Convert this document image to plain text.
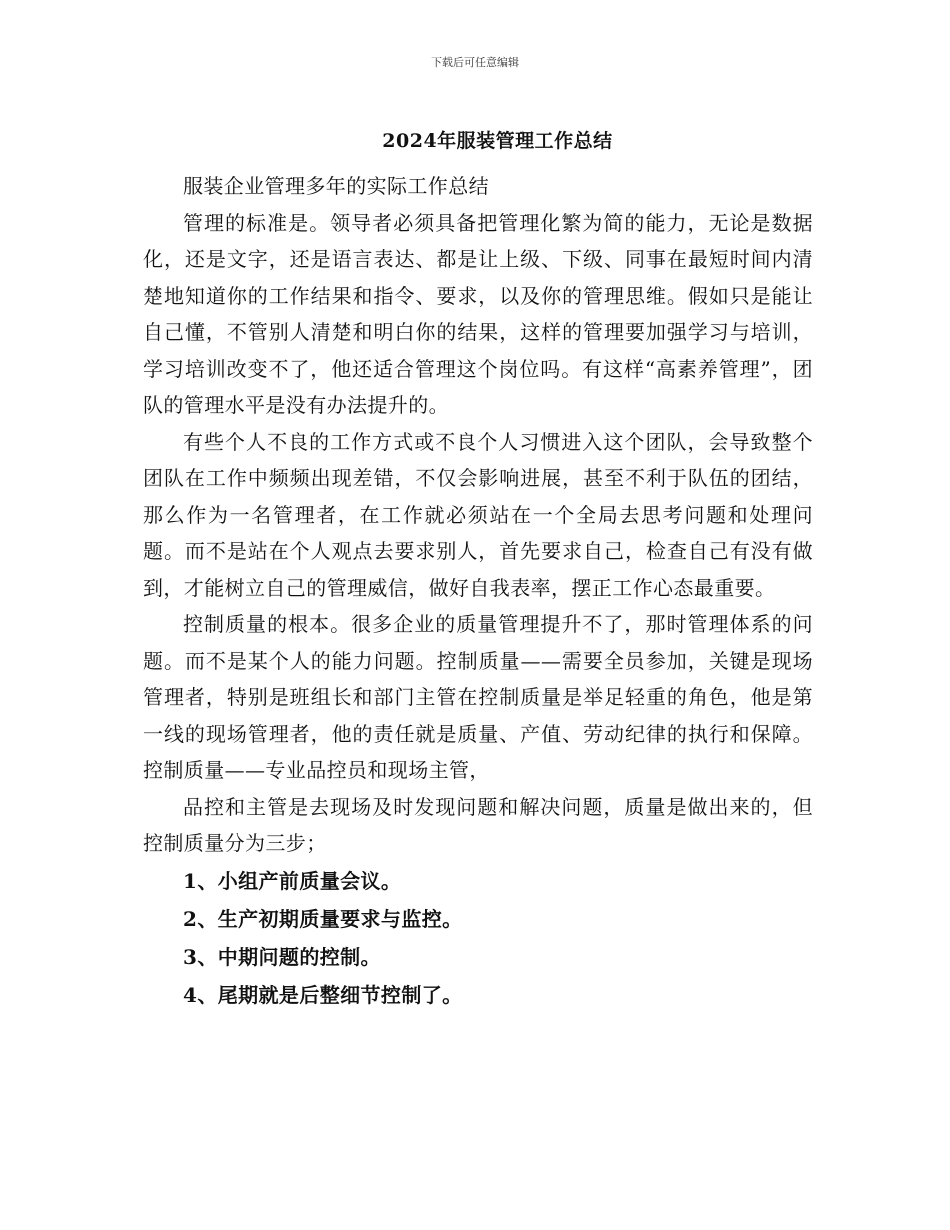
下载后可任意编辑
2024年服装管理工作总结

服装企业管理多年的实际工作总结

管理的标准是。领导者必须具备把管理化繁为简的能力，无论是数据化，还是文字，还是语言表达、都是让上级、下级、同事在最短时间内清楚地知道你的工作结果和指令、要求，以及你的管理思维。假如只是能让自己懂，不管别人清楚和明白你的结果，这样的管理要加强学习与培训，学习培训改变不了，他还适合管理这个岗位吗。有这样“高素养管理”，团队的管理水平是没有办法提升的。

有些个人不良的工作方式或不良个人习惯进入这个团队，会导致整个团队在工作中频频出现差错，不仅会影响进展，甚至不利于队伍的团结，那么作为一名管理者，在工作就必须站在一个全局去思考问题和处理问题。而不是站在个人观点去要求别人，首先要求自己，检查自己有没有做到，才能树立自己的管理威信，做好自我表率，摆正工作心态最重要。

控制质量的根本。很多企业的质量管理提升不了，那时管理体系的问题。而不是某个人的能力问题。控制质量——需要全员参加，关键是现场管理者，特别是班组长和部门主管在控制质量是举足轻重的角色，他是第一线的现场管理者，他的责任就是质量、产值、劳动纪律的执行和保障。控制质量——专业品控员和现场主管，

品控和主管是去现场及时发现问题和解决问题，质量是做出来的，但控制质量分为三步；

1、小组产前质量会议。

2、生产初期质量要求与监控。

3、中期问题的控制。

4、尾期就是后整细节控制了。
